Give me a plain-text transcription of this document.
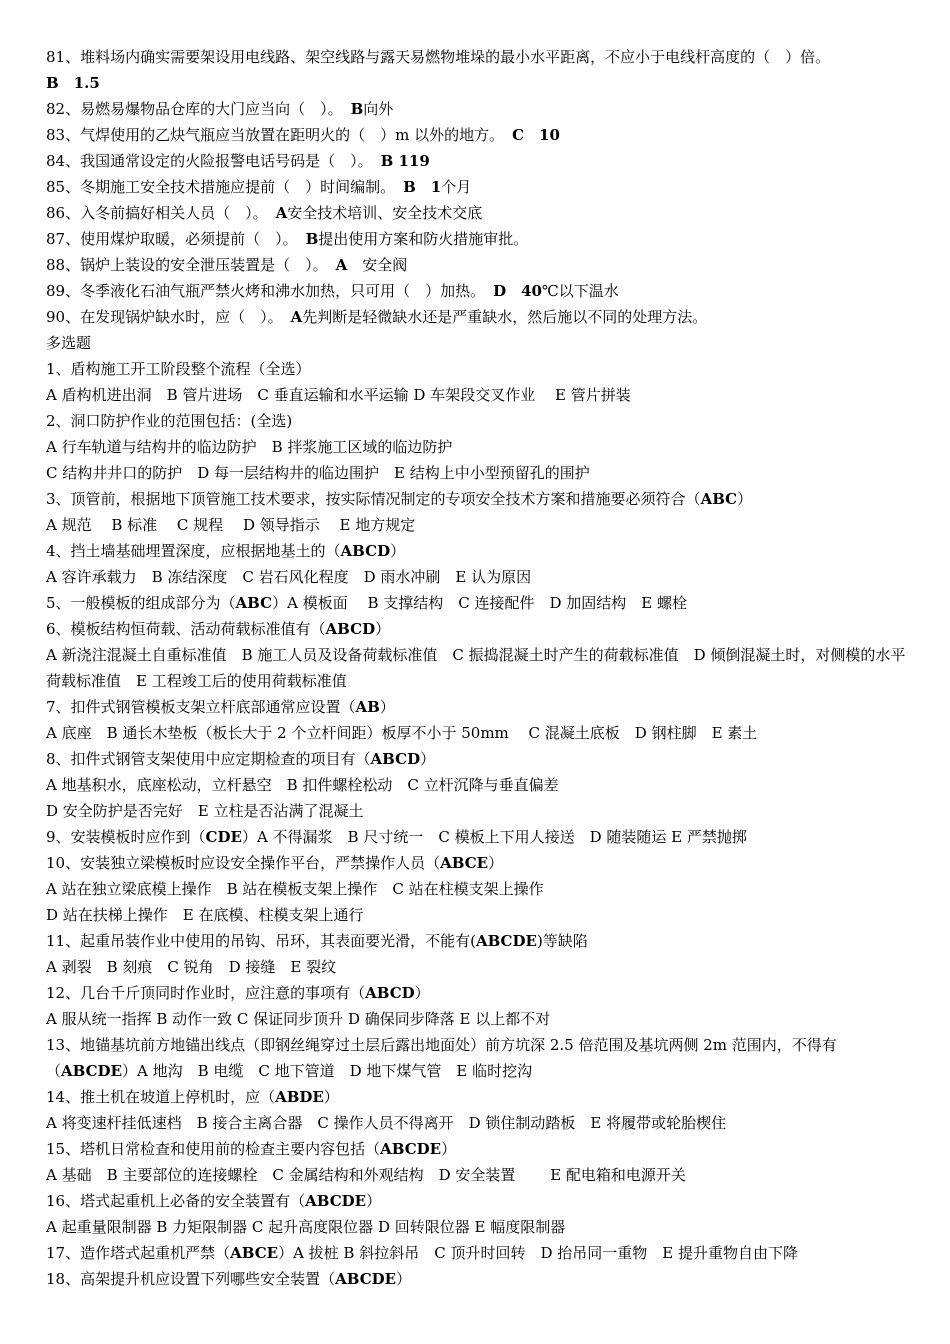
81、堆料场内确实需要架设用电线路、架空线路与露天易燃物堆垛的最小水平距离，不应小于电线杆高度的（　）倍。
B　1.5
82、易燃易爆物品仓库的大门应当向（　）。 B向外
83、气焊使用的乙炔气瓶应当放置在距明火的（　）m 以外的地方。 C　10
84、我国通常设定的火险报警电话号码是（　）。 B 119
85、冬期施工安全技术措施应提前（　）时间编制。 B　1个月
86、入冬前搞好相关人员（　）。 A安全技术培训、安全技术交底
87、使用煤炉取暖，必须提前（　）。 B提出使用方案和防火措施审批。
88、锅炉上装设的安全泄压装置是（　）。 A　安全阀
89、冬季液化石油气瓶严禁火烤和沸水加热，只可用（　）加热。 D　40℃以下温水
90、在发现锅炉缺水时，应（　）。 A先判断是轻微缺水还是严重缺水，然后施以不同的处理方法。
多选题
1、盾构施工开工阶段整个流程（全选）
A 盾构机进出洞　B 管片进场　C 垂直运输和水平运输 D 车架段交叉作业　 E 管片拼装
2、洞口防护作业的范围包括：(全选)
A 行车轨道与结构井的临边防护　B 拌浆施工区域的临边防护
C 结构井井口的防护　D 每一层结构井的临边围护　E 结构上中小型预留孔的围护
3、顶管前，根据地下顶管施工技术要求，按实际情况制定的专项安全技术方案和措施要必须符合（ABC）
A 规范　 B 标准　 C 规程　 D 领导指示　 E 地方规定
4、挡土墙基础埋置深度，应根据地基土的（ABCD）
A 容许承载力　B 冻结深度　C 岩石风化程度　D 雨水冲刷　E 认为原因
5、一般模板的组成部分为（ABC）A 模板面　 B 支撑结构　C 连接配件　D 加固结构　E 螺栓
6、模板结构恒荷载、活动荷载标准值有（ABCD）
A 新浇注混凝土自重标准值　B 施工人员及设备荷载标准值　C 振捣混凝土时产生的荷载标准值　D 倾倒混凝土时，对侧模的水平荷载标准值　E 工程竣工后的使用荷载标准值
7、扣件式钢管模板支架立杆底部通常应设置（AB）
A 底座　B 通长木垫板（板长大于 2 个立杆间距）板厚不小于 50mm　 C 混凝土底板　D 钢柱脚　E 素土
8、扣件式钢管支架使用中应定期检查的项目有（ABCD）
A 地基积水，底座松动，立杆悬空　B 扣件螺栓松动　C 立杆沉降与垂直偏差
D 安全防护是否完好　E 立柱是否沾满了混凝土
9、安装模板时应作到（CDE）A 不得漏浆　B 尺寸统一　C 模板上下用人接送　D 随装随运 E 严禁抛掷
10、安装独立梁模板时应设安全操作平台，严禁操作人员（ABCE）
A 站在独立梁底模上操作　B 站在模板支架上操作　C 站在柱模支架上操作
D 站在扶梯上操作　E 在底模、柱模支架上通行
11、起重吊装作业中使用的吊钩、吊环，其表面要光滑，不能有(ABCDE)等缺陷
A 剥裂　B 刻痕　C 锐角　D 接缝　E 裂纹
12、几台千斤顶同时作业时，应注意的事项有（ABCD）
A 服从统一指挥 B 动作一致 C 保证同步顶升 D 确保同步降落 E 以上都不对
13、地锚基坑前方地锚出线点（即钢丝绳穿过土层后露出地面处）前方坑深 2.5 倍范围及基坑两侧 2m 范围内，不得有（ABCDE）A 地沟　B 电缆　C 地下管道　D 地下煤气管　E 临时挖沟
14、推土机在坡道上停机时，应（ABDE）
A 将变速杆挂低速档　B 接合主离合器　C 操作人员不得离开　D 锁住制动踏板　E 将履带或轮胎楔住
15、塔机日常检查和使用前的检查主要内容包括（ABCDE）
A 基础　B 主要部位的连接螺栓　C 金属结构和外观结构　D 安全装置　　 E 配电箱和电源开关
16、塔式起重机上必备的安全装置有（ABCDE）
A 起重量限制器 B 力矩限制器 C 起升高度限位器 D 回转限位器 E 幅度限制器
17、造作塔式起重机严禁（ABCE）A 拔桩 B 斜拉斜吊　C 顶升时回转　D 抬吊同一重物　E 提升重物自由下降
18、高架提升机应设置下列哪些安全装置（ABCDE）
